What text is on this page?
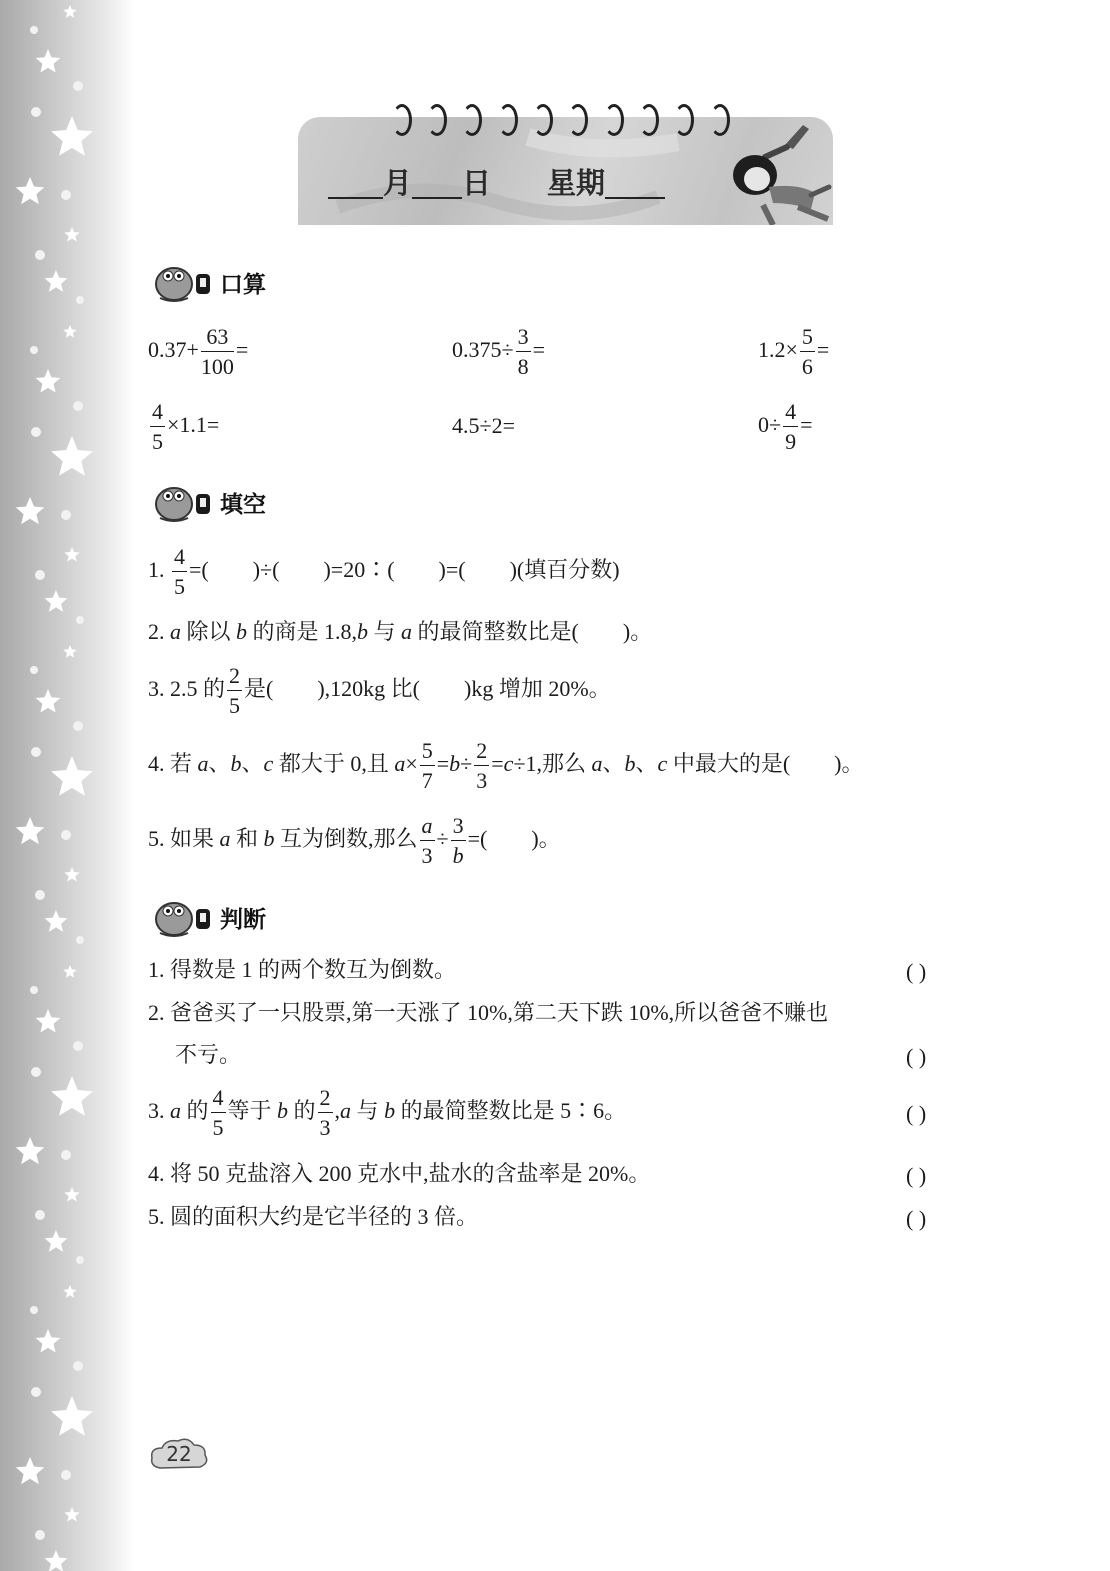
月 日 星期
口算
$0.37+ \frac{63}{100}$ =	$0.375\div \frac{3}{8}$ =	$1.2\times \frac{5}{6}$ =
$\frac{4}{5} \times 1.1=$	4.5÷2=	$0\div \frac{4}{9}$ =
填空
1. $\frac{4}{5}$ =(        )÷(        )=20∶(        )=(        )(填百分数)
2. a 除以 b 的商是 1.8,b 与 a 的最简整数比是(        )。
3. 2.5 的 $\frac{2}{5}$ 是(        ),120kg 比(        )kg 增加 20%。
4. 若 a、b、c 都大于 0,且 $a\times \frac{5}{7} =b\div \frac{2}{3} =c\div 1$,那么 a、b、c 中最大的是(        )。
5. 如果 a 和 b 互为倒数,那么 $\frac{a}{3} \div \frac{3}{b}$ =(        )。
判断
1. 得数是 1 的两个数互为倒数。	( )
2. 爸爸买了一只股票,第一天涨了 10%,第二天下跌 10%,所以爸爸不赚也
不亏。	( )
3. a 的 $\frac{4}{5}$ 等于 b 的 $\frac{2}{3} ,a$ 与 b 的最简整数比是 5∶6。	( )
4. 将 50 克盐溶入 200 克水中,盐水的含盐率是 20%。	( )
5. 圆的面积大约是它半径的 3 倍。	( )
22
